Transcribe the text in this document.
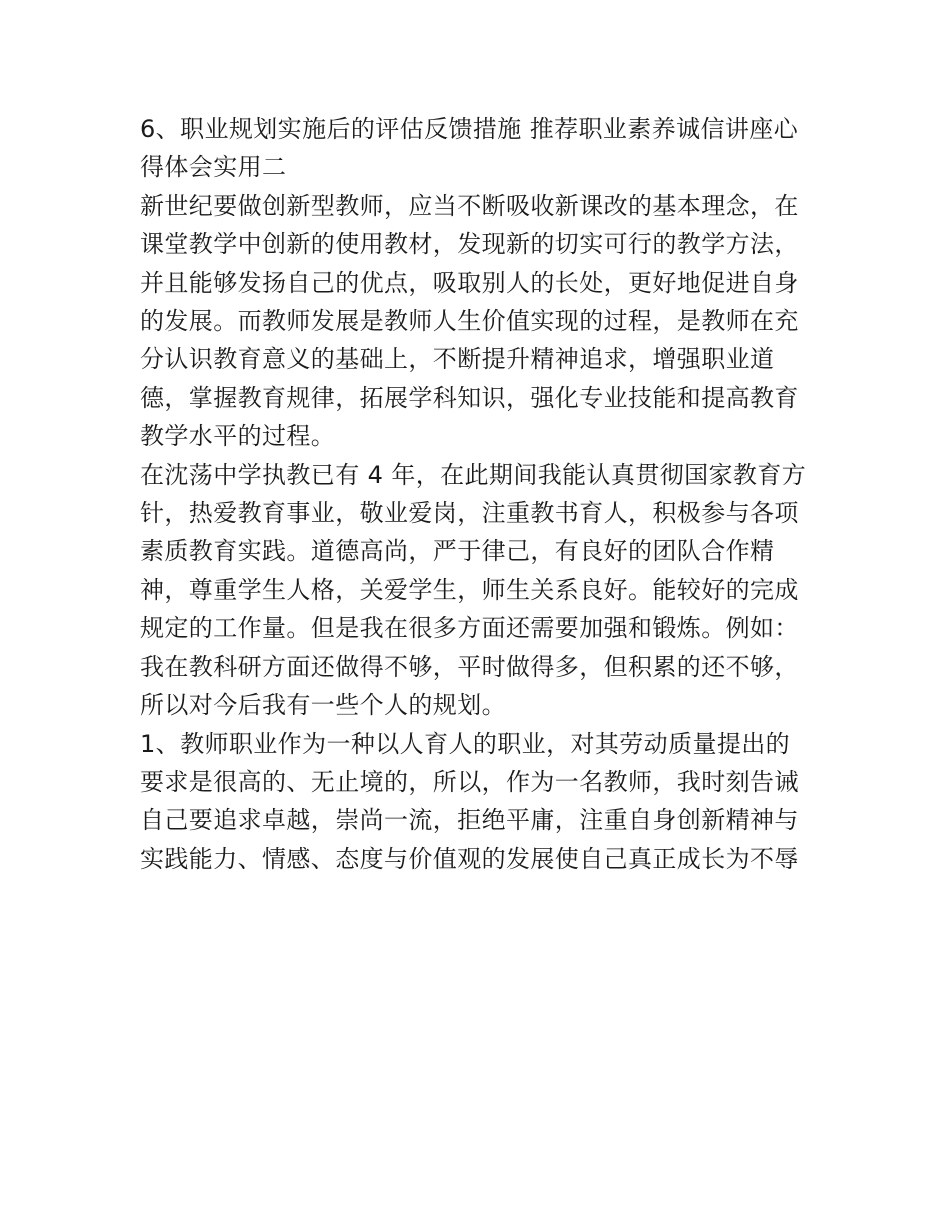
6、职业规划实施后的评估反馈措施 推荐职业素养诚信讲座心
得体会实用二

新世纪要做创新型教师，应当不断吸收新课改的基本理念，在
课堂教学中创新的使用教材，发现新的切实可行的教学方法，
并且能够发扬自己的优点，吸取别人的长处，更好地促进自身
的发展。而教师发展是教师人生价值实现的过程，是教师在充
分认识教育意义的基础上，不断提升精神追求，增强职业道
德，掌握教育规律，拓展学科知识，强化专业技能和提高教育
教学水平的过程。

在沈荡中学执教已有 4 年，在此期间我能认真贯彻国家教育方
针，热爱教育事业，敬业爱岗，注重教书育人，积极参与各项
素质教育实践。道德高尚，严于律己，有良好的团队合作精
神，尊重学生人格，关爱学生，师生关系良好。能较好的完成
规定的工作量。但是我在很多方面还需要加强和锻炼。例如：
我在教科研方面还做得不够，平时做得多，但积累的还不够，
所以对今后我有一些个人的规划。

1、教师职业作为一种以人育人的职业，对其劳动质量提出的
要求是很高的、无止境的，所以，作为一名教师，我时刻告诫
自己要追求卓越，崇尚一流，拒绝平庸，注重自身创新精神与
实践能力、情感、态度与价值观的发展使自己真正成长为不辱
